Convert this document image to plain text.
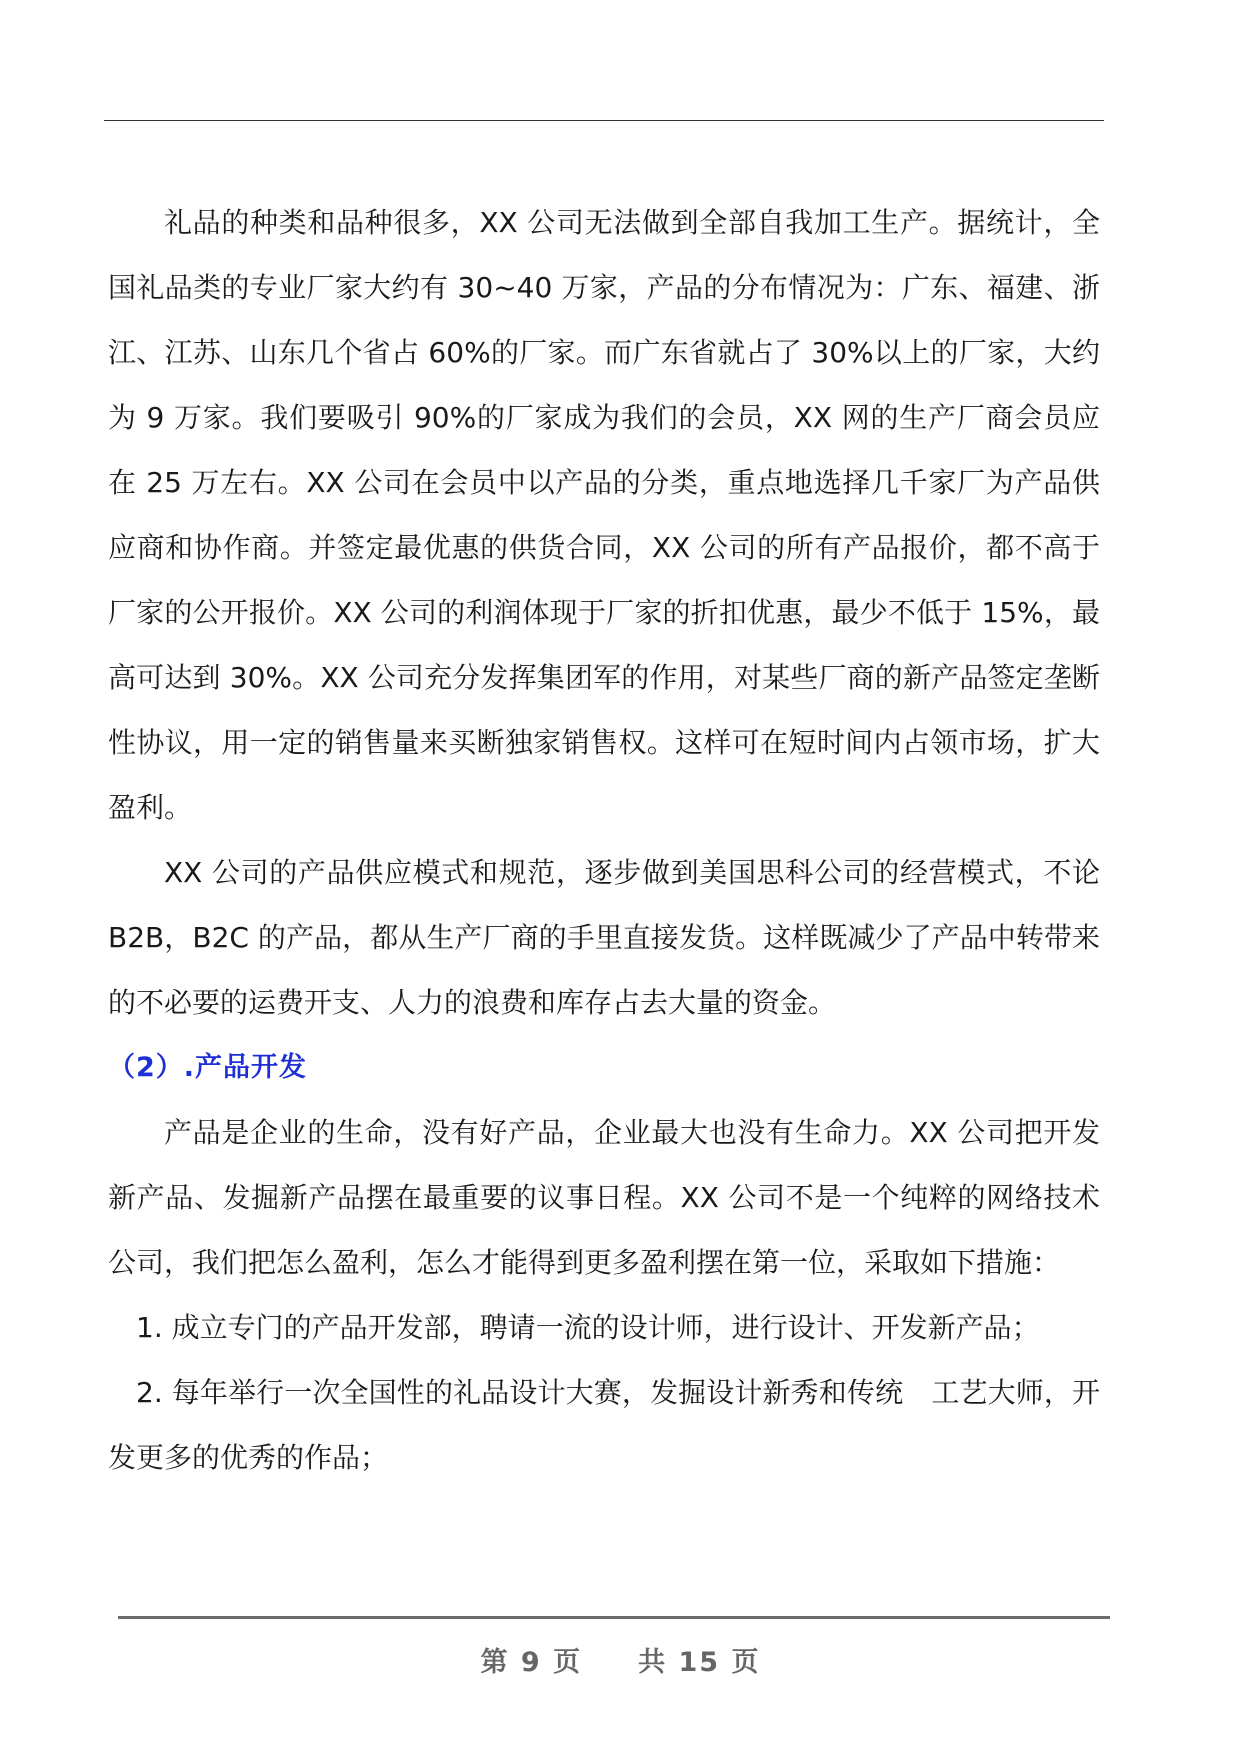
礼品的种类和品种很多，XX 公司无法做到全部自我加工生产。据统计，全国礼品类的专业厂家大约有 30~40 万家，产品的分布情况为：广东、福建、浙江、江苏、山东几个省占 60%的厂家。而广东省就占了 30%以上的厂家，大约为 9 万家。我们要吸引 90%的厂家成为我们的会员，XX 网的生产厂商会员应在 25 万左右。XX 公司在会员中以产品的分类，重点地选择几千家厂为产品供应商和协作商。并签定最优惠的供货合同，XX 公司的所有产品报价，都不高于厂家的公开报价。XX 公司的利润体现于厂家的折扣优惠，最少不低于 15%，最高可达到 30%。XX 公司充分发挥集团军的作用，对某些厂商的新产品签定垄断性协议，用一定的销售量来买断独家销售权。这样可在短时间内占领市场，扩大盈利。

XX 公司的产品供应模式和规范，逐步做到美国思科公司的经营模式，不论 B2B，B2C 的产品，都从生产厂商的手里直接发货。这样既减少了产品中转带来的不必要的运费开支、人力的浪费和库存占去大量的资金。

（2）.产品开发

产品是企业的生命，没有好产品，企业最大也没有生命力。XX 公司把开发新产品、发掘新产品摆在最重要的议事日程。XX 公司不是一个纯粹的网络技术公司，我们把怎么盈利，怎么才能得到更多盈利摆在第一位，采取如下措施：

1. 成立专门的产品开发部，聘请一流的设计师，进行设计、开发新产品；

2. 每年举行一次全国性的礼品设计大赛，发掘设计新秀和传统　工艺大师，开发更多的优秀的作品；

第 9 页 共 15 页
